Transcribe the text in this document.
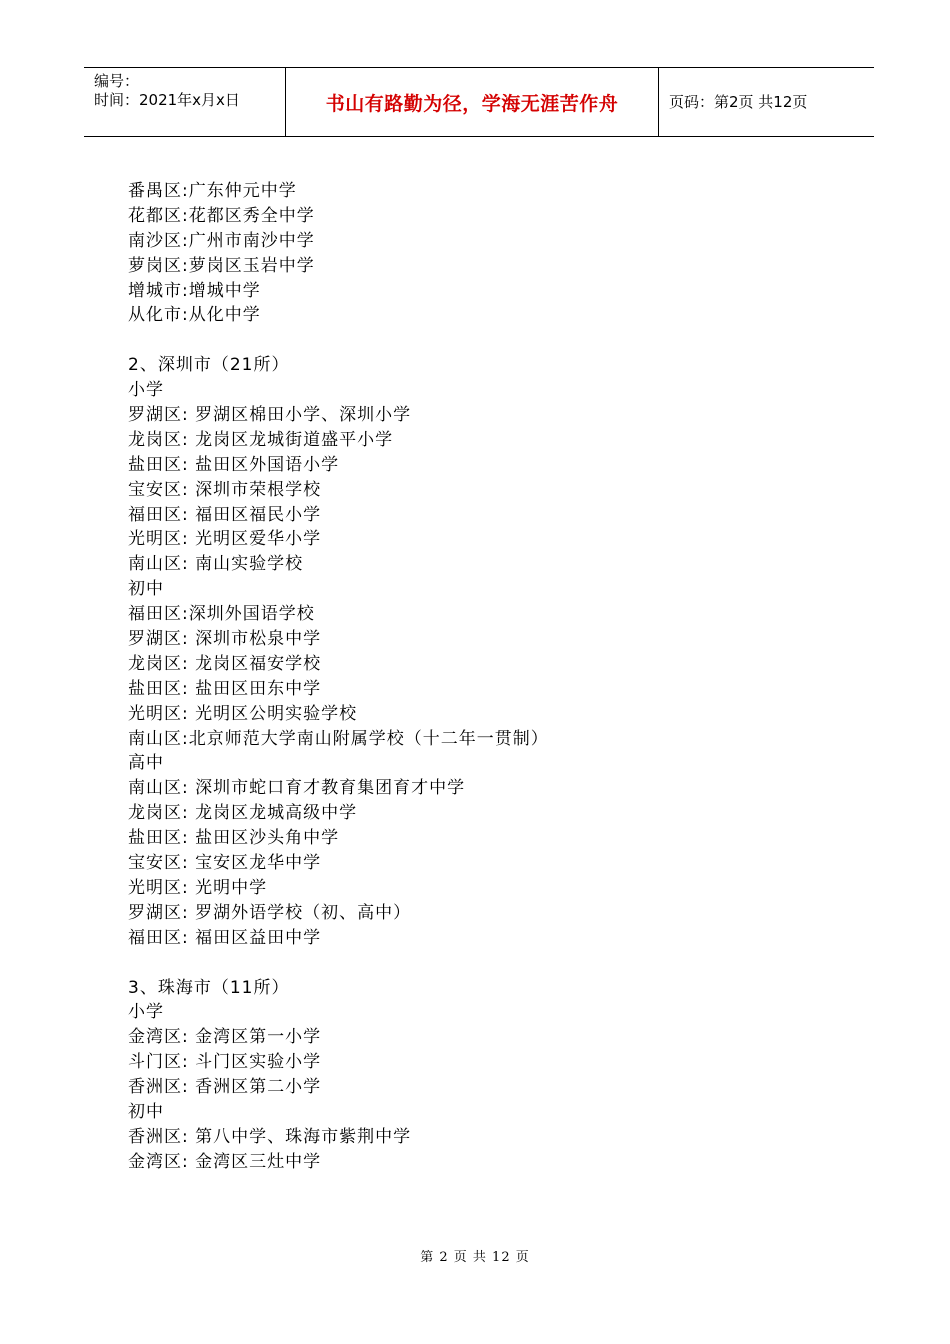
编号：
时间：2021年x月x日	书山有路勤为径，学海无涯苦作舟	页码：第2页 共12页
番禺区:广东仲元中学
花都区:花都区秀全中学
南沙区:广州市南沙中学
萝岗区:萝岗区玉岩中学
增城市:增城中学
从化市:从化中学
2、深圳市（21所）
小学
罗湖区: 罗湖区棉田小学、深圳小学
龙岗区: 龙岗区龙城街道盛平小学
盐田区: 盐田区外国语小学
宝安区: 深圳市荣根学校
福田区: 福田区福民小学
光明区: 光明区爱华小学
南山区: 南山实验学校
初中
福田区:深圳外国语学校
罗湖区: 深圳市松泉中学
龙岗区: 龙岗区福安学校
盐田区: 盐田区田东中学
光明区: 光明区公明实验学校
南山区:北京师范大学南山附属学校（十二年一贯制）
高中
南山区: 深圳市蛇口育才教育集团育才中学
龙岗区: 龙岗区龙城高级中学
盐田区: 盐田区沙头角中学
宝安区: 宝安区龙华中学
光明区: 光明中学
罗湖区: 罗湖外语学校（初、高中）
福田区: 福田区益田中学
3、珠海市（11所）
小学
金湾区: 金湾区第一小学
斗门区: 斗门区实验小学
香洲区: 香洲区第二小学
初中
香洲区: 第八中学、珠海市紫荆中学
金湾区: 金湾区三灶中学
第 2 页 共 12 页
